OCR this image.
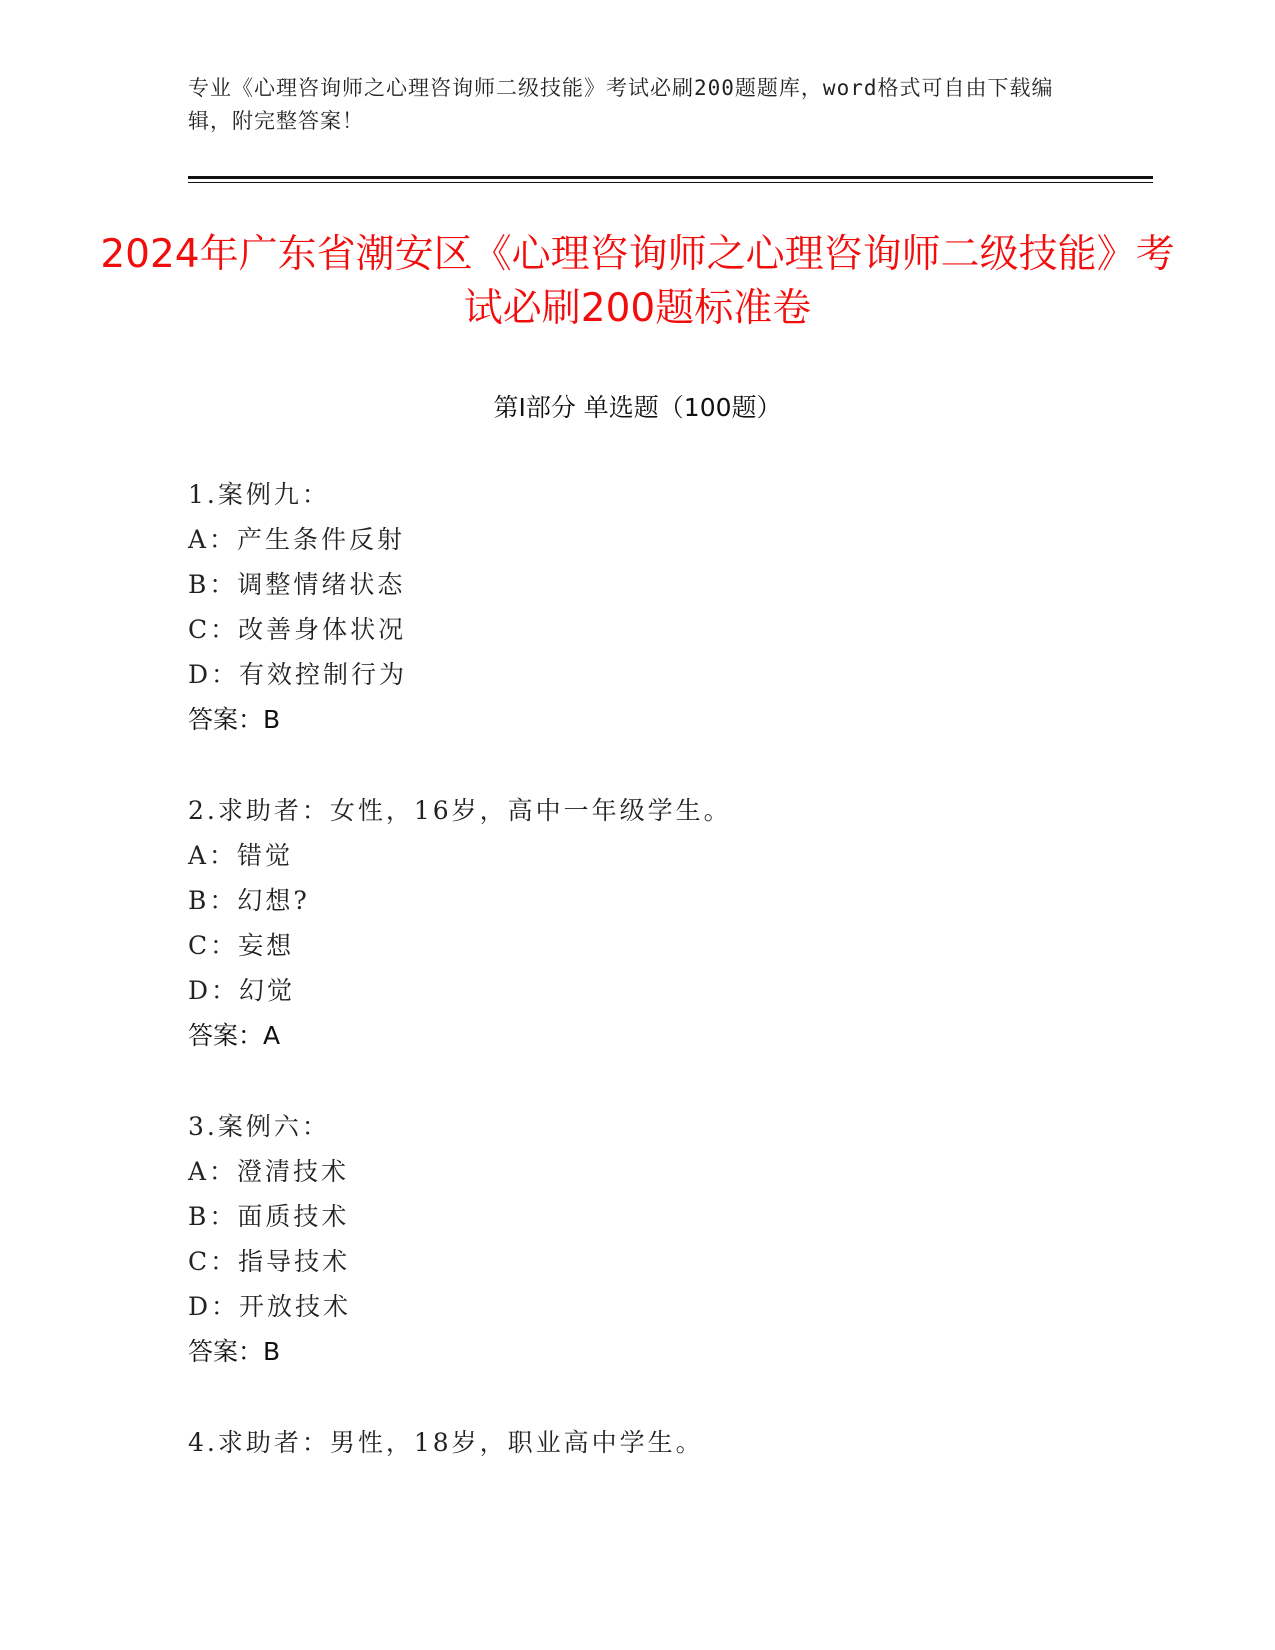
专业《心理咨询师之心理咨询师二级技能》考试必刷200题题库，word格式可自由下载编辑，附完整答案！

2024年广东省潮安区《心理咨询师之心理咨询师二级技能》考试必刷200题标准卷
第I部分 单选题（100题）
1.案例九：
A：产生条件反射
B：调整情绪状态
C：改善身体状况
D：有效控制行为
答案：B
2.求助者：女性，16岁，高中一年级学生。
A：错觉
B：幻想?
C：妄想
D：幻觉
答案：A
3.案例六：
A：澄清技术
B：面质技术
C：指导技术
D：开放技术
答案：B
4.求助者：男性，18岁，职业高中学生。
